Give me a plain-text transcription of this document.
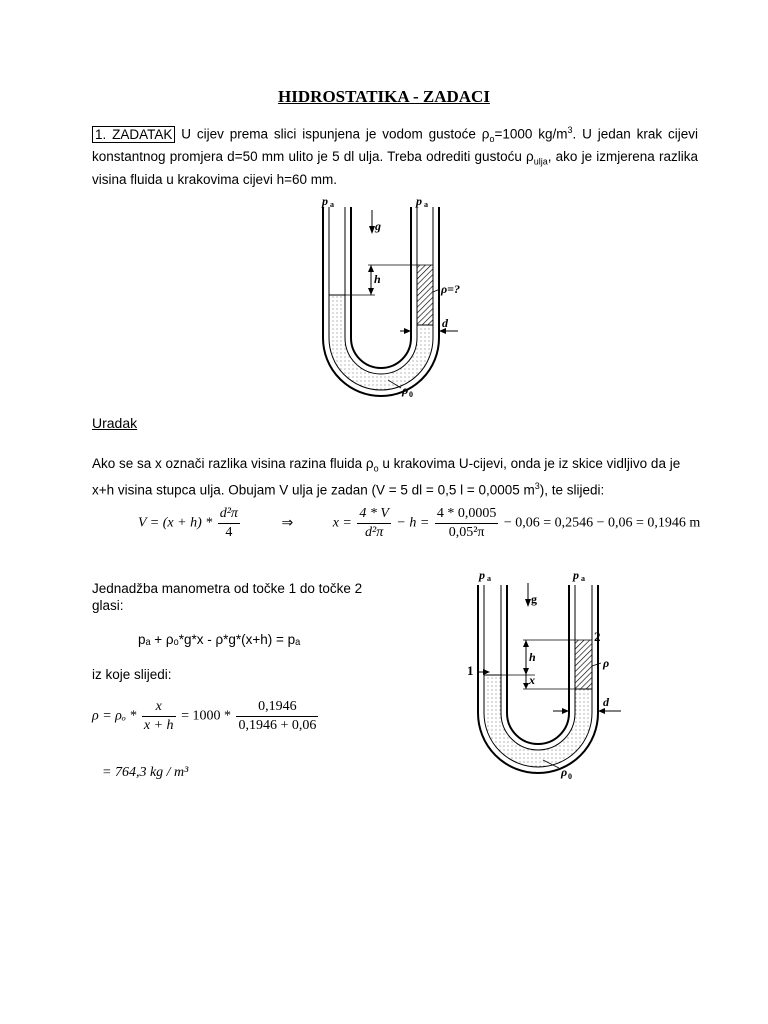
HIDROSTATIKA - ZADACI
1. ZADATAK U cijev prema slici ispunjena je vodom gustoće $\rho_o=1000$ $kg/m^3$. U jedan krak cijevi konstantnog promjera d=50 mm ulito je 5 dl ulja. Treba odrediti gustoću $\rho_{ulja}$, ako je izmjerena razlika visina fluida u krakovima cijevi h=60 mm.
h
g
p a	p a
ρ=?
d
ρ 0
Uradak
Ako se sa x označi razlika visina razina fluida $\rho_o$ u krakovima U-cijevi, onda je iz skice vidljivo da je x+h visina stupca ulja. Obujam V ulja je zadan (V = 5 dl = 0,5 l = 0,0005 $m^3$), te slijedi:
$V = (x + h) * \frac{\text{d²π}}{4}$	⇒	$x = \frac{4 * V}{\text{d²π}} - h = \frac{4 * 0,0005}{\text{0,05²π}} - 0,06 = 0,2546 - 0,06 = 0,1946$ m
Jednadžba manometra od točke 1 do točke 2 glasi:
pₐ + ρₒ*g*x - ρ*g*(x+h) = pₐ
iz koje slijedi:
$\rho = \rho_o * \frac{x}{x + h} = 1000 * \frac{0,1946}{0,1946 + 0,06}$
= 764,3 kg / m³
h
x
g
p a	p a
1
2
ρ
d
ρ 0
